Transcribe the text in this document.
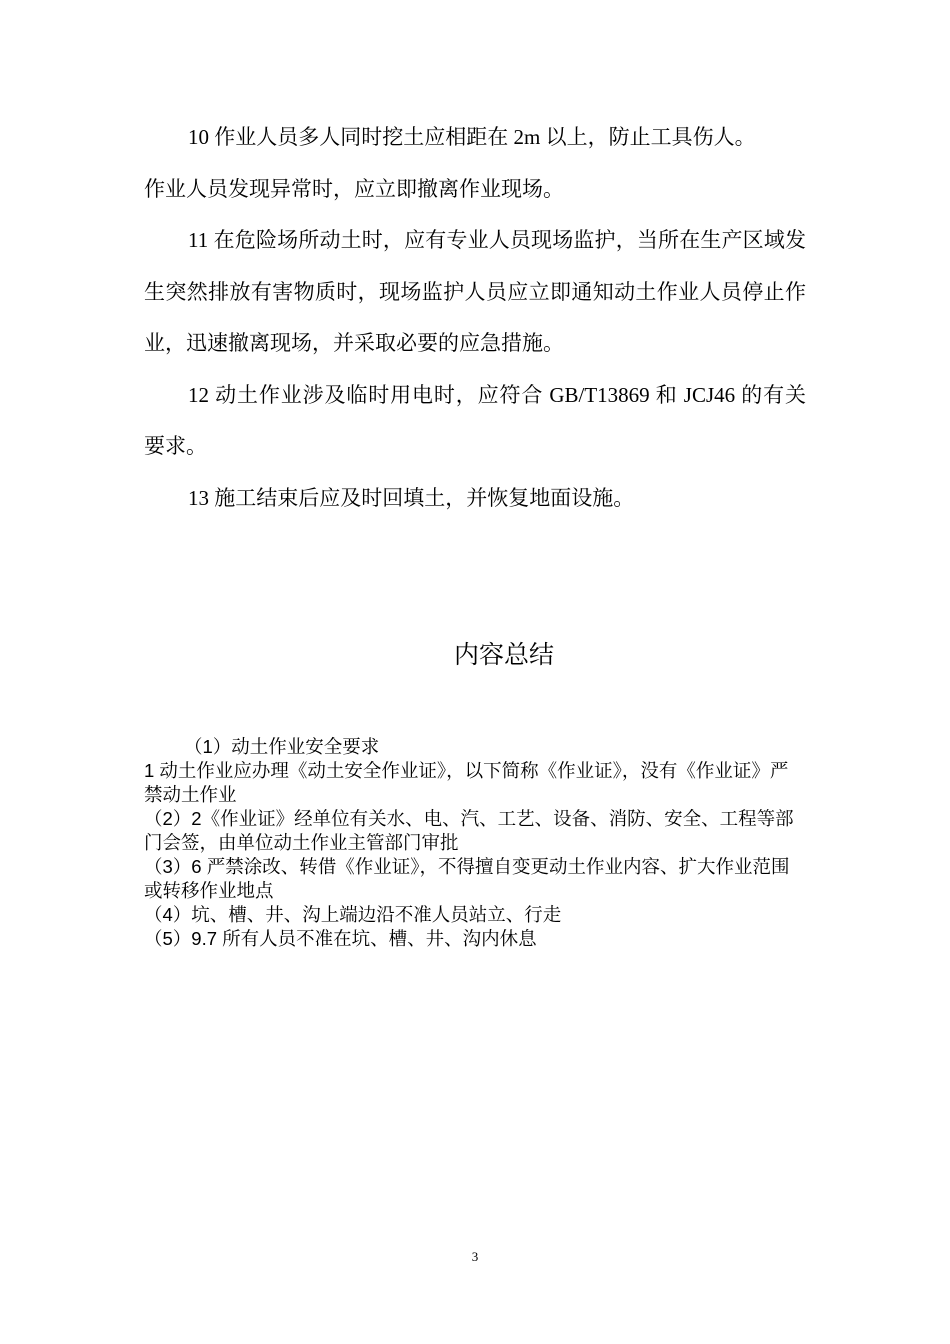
10 作业人员多人同时挖土应相距在 2m 以上，防止工具伤人。

作业人员发现异常时，应立即撤离作业现场。

11 在危险场所动土时，应有专业人员现场监护，当所在生产区域发生突然排放有害物质时，现场监护人员应立即通知动土作业人员停止作业，迅速撤离现场，并采取必要的应急措施。

12 动土作业涉及临时用电时，应符合 GB/T13869 和 JCJ46 的有关要求。

13 施工结束后应及时回填土，并恢复地面设施。

内容总结

（1）动土作业安全要求

1 动土作业应办理《动土安全作业证》，以下简称《作业证》，没有《作业证》严禁动土作业

（2）2《作业证》经单位有关水、电、汽、工艺、设备、消防、安全、工程等部门会签，由单位动土作业主管部门审批

（3）6 严禁涂改、转借《作业证》，不得擅自变更动土作业内容、扩大作业范围或转移作业地点

（4）坑、槽、井、沟上端边沿不准人员站立、行走

（5）9.7 所有人员不准在坑、槽、井、沟内休息

3
